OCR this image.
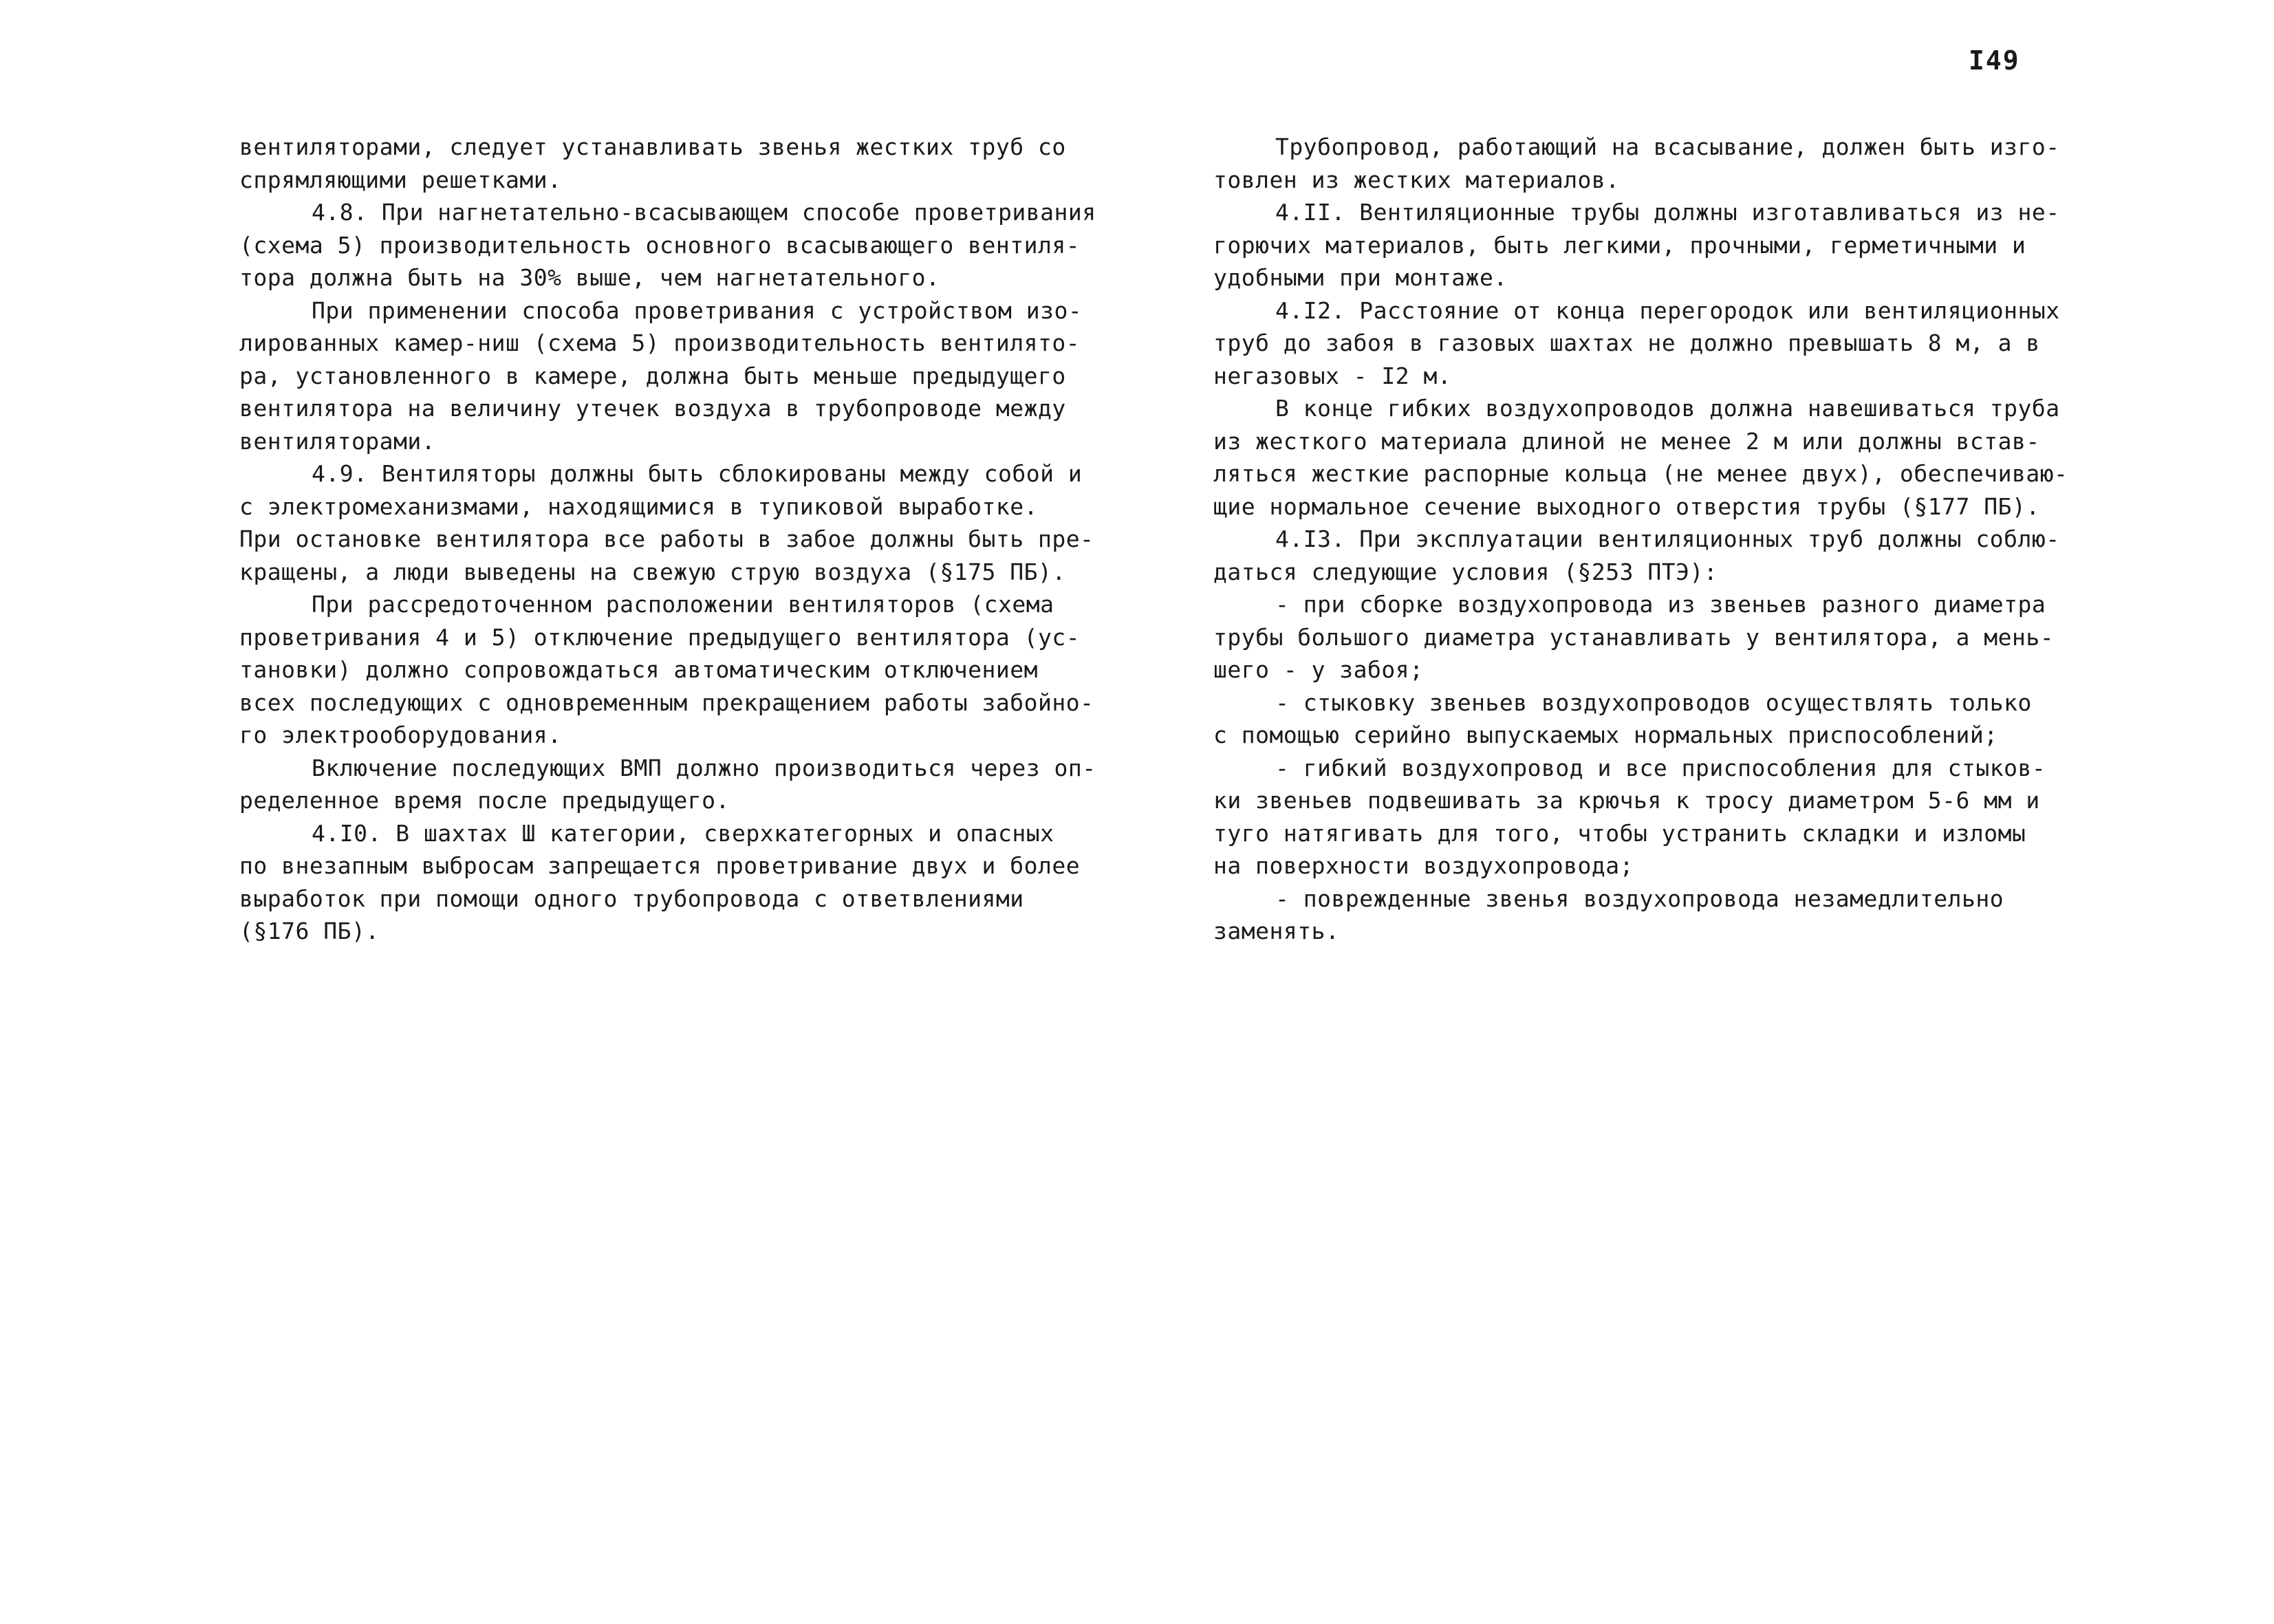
I49
вентиляторами, следует устанавливать звенья жестких труб со
спрямляющими решетками.
4.8. При нагнетательно-всасывающем способе проветривания
(схема 5) производительность основного всасывающего вентиля-
тора должна быть на 30% выше, чем нагнетательного.
При применении способа проветривания с устройством изо-
лированных камер-ниш (схема 5) производительность вентилято-
ра, установленного в камере, должна быть меньше предыдущего
вентилятора на величину утечек воздуха в трубопроводе между
вентиляторами.
4.9. Вентиляторы должны быть сблокированы между собой и
с электромеханизмами, находящимися в тупиковой выработке.
При остановке вентилятора все работы в забое должны быть пре-
кращены, а люди выведены на свежую струю воздуха (§175 ПБ).
При рассредоточенном расположении вентиляторов (схема
проветривания 4 и 5) отключение предыдущего вентилятора (ус-
тановки) должно сопровождаться автоматическим отключением
всех последующих с одновременным прекращением работы забойно-
го электрооборудования.
Включение последующих ВМП должно производиться через оп-
ределенное время после предыдущего.
4.I0. В шахтах Ш категории, сверхкатегорных и опасных
по внезапным выбросам запрещается проветривание двух и более
выработок при помощи одного трубопровода с ответвлениями
(§176 ПБ).
Трубопровод, работающий на всасывание, должен быть изго-
товлен из жестких материалов.
4.II. Вентиляционные трубы должны изготавливаться из не-
горючих материалов, быть легкими, прочными, герметичными и
удобными при монтаже.
4.I2. Расстояние от конца перегородок или вентиляционных
труб до забоя в газовых шахтах не должно превышать 8 м, а в
негазовых - I2 м.
В конце гибких воздухопроводов должна навешиваться труба
из жесткого материала длиной не менее 2 м или должны встав-
ляться жесткие распорные кольца (не менее двух), обеспечиваю-
щие нормальное сечение выходного отверстия трубы (§177 ПБ).
4.I3. При эксплуатации вентиляционных труб должны соблю-
даться следующие условия (§253 ПТЭ):
- при сборке воздухопровода из звеньев разного диаметра
трубы большого диаметра устанавливать у вентилятора, а мень-
шего - у забоя;
- стыковку звеньев воздухопроводов осуществлять только
с помощью серийно выпускаемых нормальных приспособлений;
- гибкий воздухопровод и все приспособления для стыков-
ки звеньев подвешивать за крючья к тросу диаметром 5-6 мм и
туго натягивать для того, чтобы устранить складки и изломы
на поверхности воздухопровода;
- поврежденные звенья воздухопровода незамедлительно
заменять.
